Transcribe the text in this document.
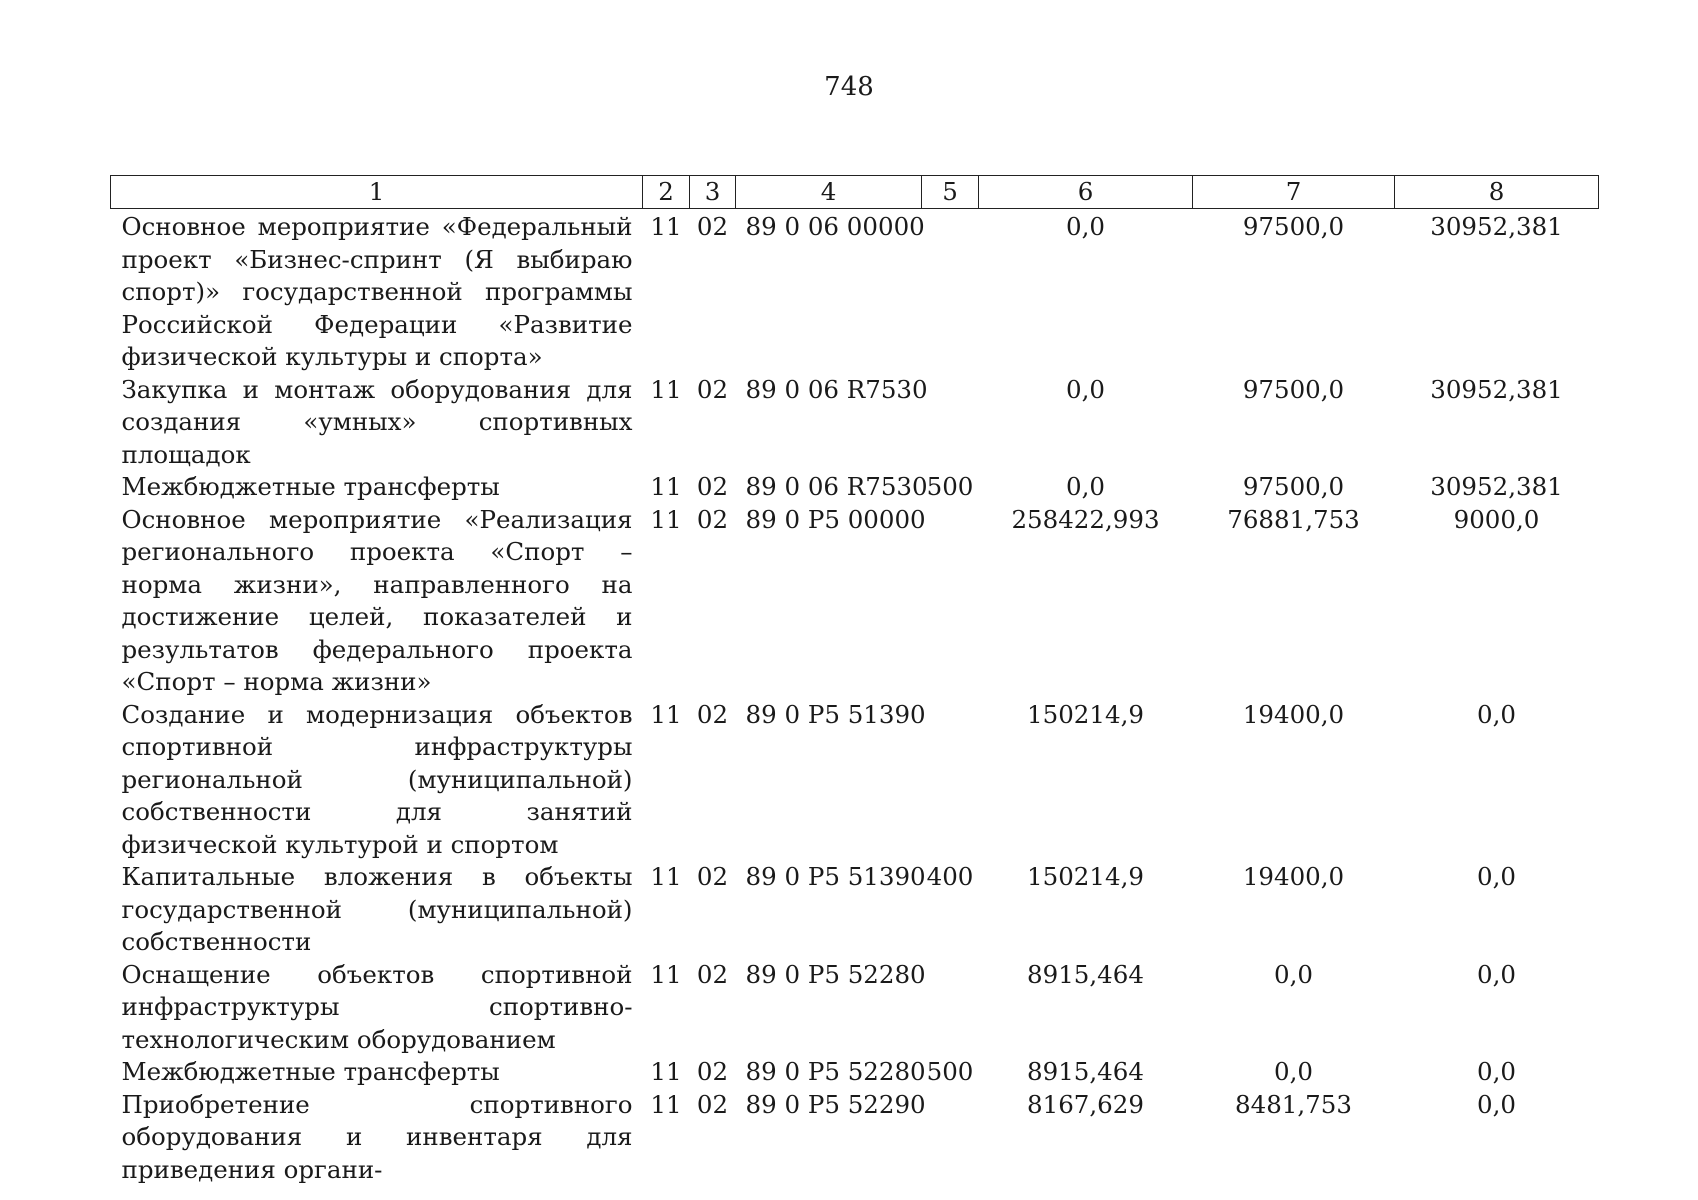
748
1	2	3	4	5	6	7	8
Основное мероприятие «Федеральный проект «Бизнес-спринт (Я выбираю спорт)» государственной программы Российской Федерации «Развитие физической культуры и спорта»	11	02	89 0 06 00000		0,0	97500,0	30952,381
Закупка и монтаж оборудования для создания «умных» спортивных площадок	11	02	89 0 06 R7530		0,0	97500,0	30952,381
Межбюджетные трансферты	11	02	89 0 06 R7530	500	0,0	97500,0	30952,381
Основное мероприятие «Реализация регионального проекта «Спорт – норма жизни», направленного на достижение целей, показателей и результатов федерального проекта «Спорт – норма жизни»	11	02	89 0 P5 00000		258422,993	76881,753	9000,0
Создание и модернизация объектов спортивной инфраструктуры региональной (муниципальной) собственности для занятий физической культурой и спортом	11	02	89 0 P5 51390		150214,9	19400,0	0,0
Капитальные вложения в объекты государственной (муниципальной) собственности	11	02	89 0 P5 51390	400	150214,9	19400,0	0,0
Оснащение объектов спортивной инфраструктуры спортивно-технологическим оборудованием	11	02	89 0 P5 52280		8915,464	0,0	0,0
Межбюджетные трансферты	11	02	89 0 P5 52280	500	8915,464	0,0	0,0
Приобретение спортивного оборудования и инвентаря для приведения органи-	11	02	89 0 P5 52290		8167,629	8481,753	0,0
